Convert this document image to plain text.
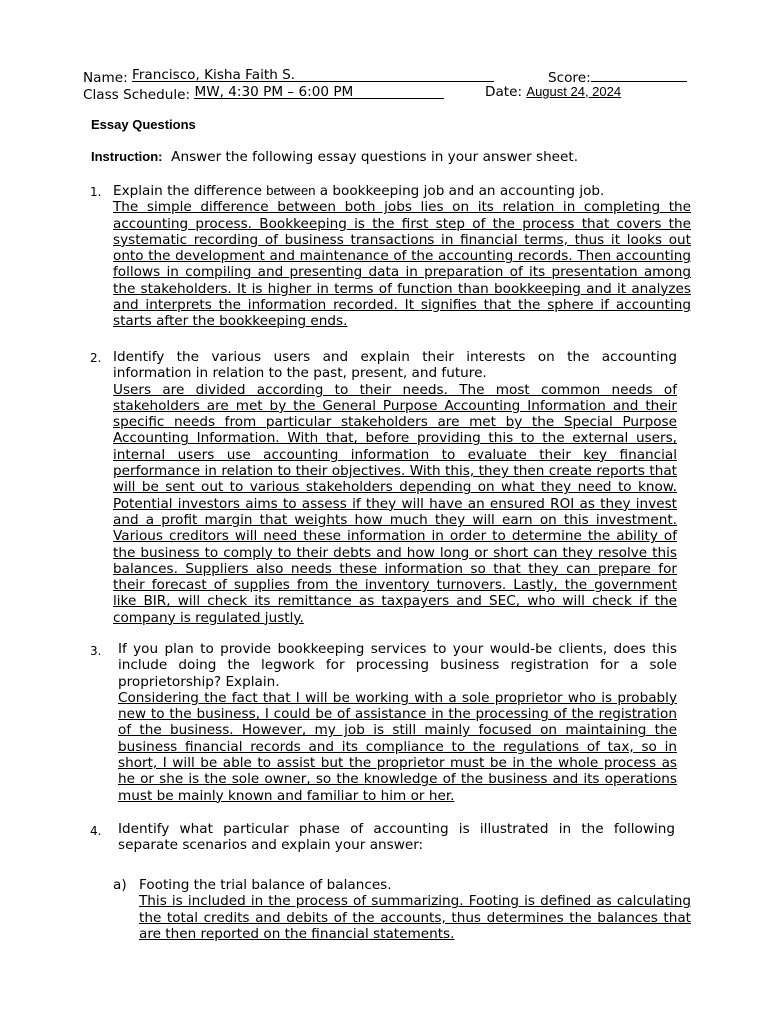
Name: Francisco, Kisha Faith S.	Score:
Class Schedule: MW, 4:30 PM – 6:00 PM	Date: August 24, 2024
Essay Questions
Instruction: Answer the following essay questions in your answer sheet.
1. Explain the difference between a bookkeeping job and an accounting job.
The simple difference between both jobs lies on its relation in completing the accounting process. Bookkeeping is the first step of the process that covers the systematic recording of business transactions in financial terms, thus it looks out onto the development and maintenance of the accounting records. Then accounting follows in compiling and presenting data in preparation of its presentation among the stakeholders. It is higher in terms of function than bookkeeping and it analyzes and interprets the information recorded. It signifies that the sphere if accounting starts after the bookkeeping ends.
2. Identify the various users and explain their interests on the accounting information in relation to the past, present, and future.
Users are divided according to their needs. The most common needs of stakeholders are met by the General Purpose Accounting Information and their specific needs from particular stakeholders are met by the Special Purpose Accounting Information. With that, before providing this to the external users, internal users use accounting information to evaluate their key financial performance in relation to their objectives. With this, they then create reports that will be sent out to various stakeholders depending on what they need to know. Potential investors aims to assess if they will have an ensured ROI as they invest and a profit margin that weights how much they will earn on this investment. Various creditors will need these information in order to determine the ability of the business to comply to their debts and how long or short can they resolve this balances. Suppliers also needs these information so that they can prepare for their forecast of supplies from the inventory turnovers. Lastly, the government like BIR, will check its remittance as taxpayers and SEC, who will check if the company is regulated justly.
3. If you plan to provide bookkeeping services to your would-be clients, does this include doing the legwork for processing business registration for a sole proprietorship? Explain.
Considering the fact that I will be working with a sole proprietor who is probably new to the business, I could be of assistance in the processing of the registration of the business. However, my job is still mainly focused on maintaining the business financial records and its compliance to the regulations of tax, so in short, I will be able to assist but the proprietor must be in the whole process as he or she is the sole owner, so the knowledge of the business and its operations must be mainly known and familiar to him or her.
4. Identify what particular phase of accounting is illustrated in the following separate scenarios and explain your answer:
a) Footing the trial balance of balances.
This is included in the process of summarizing. Footing is defined as calculating the total credits and debits of the accounts, thus determines the balances that are then reported on the financial statements.
